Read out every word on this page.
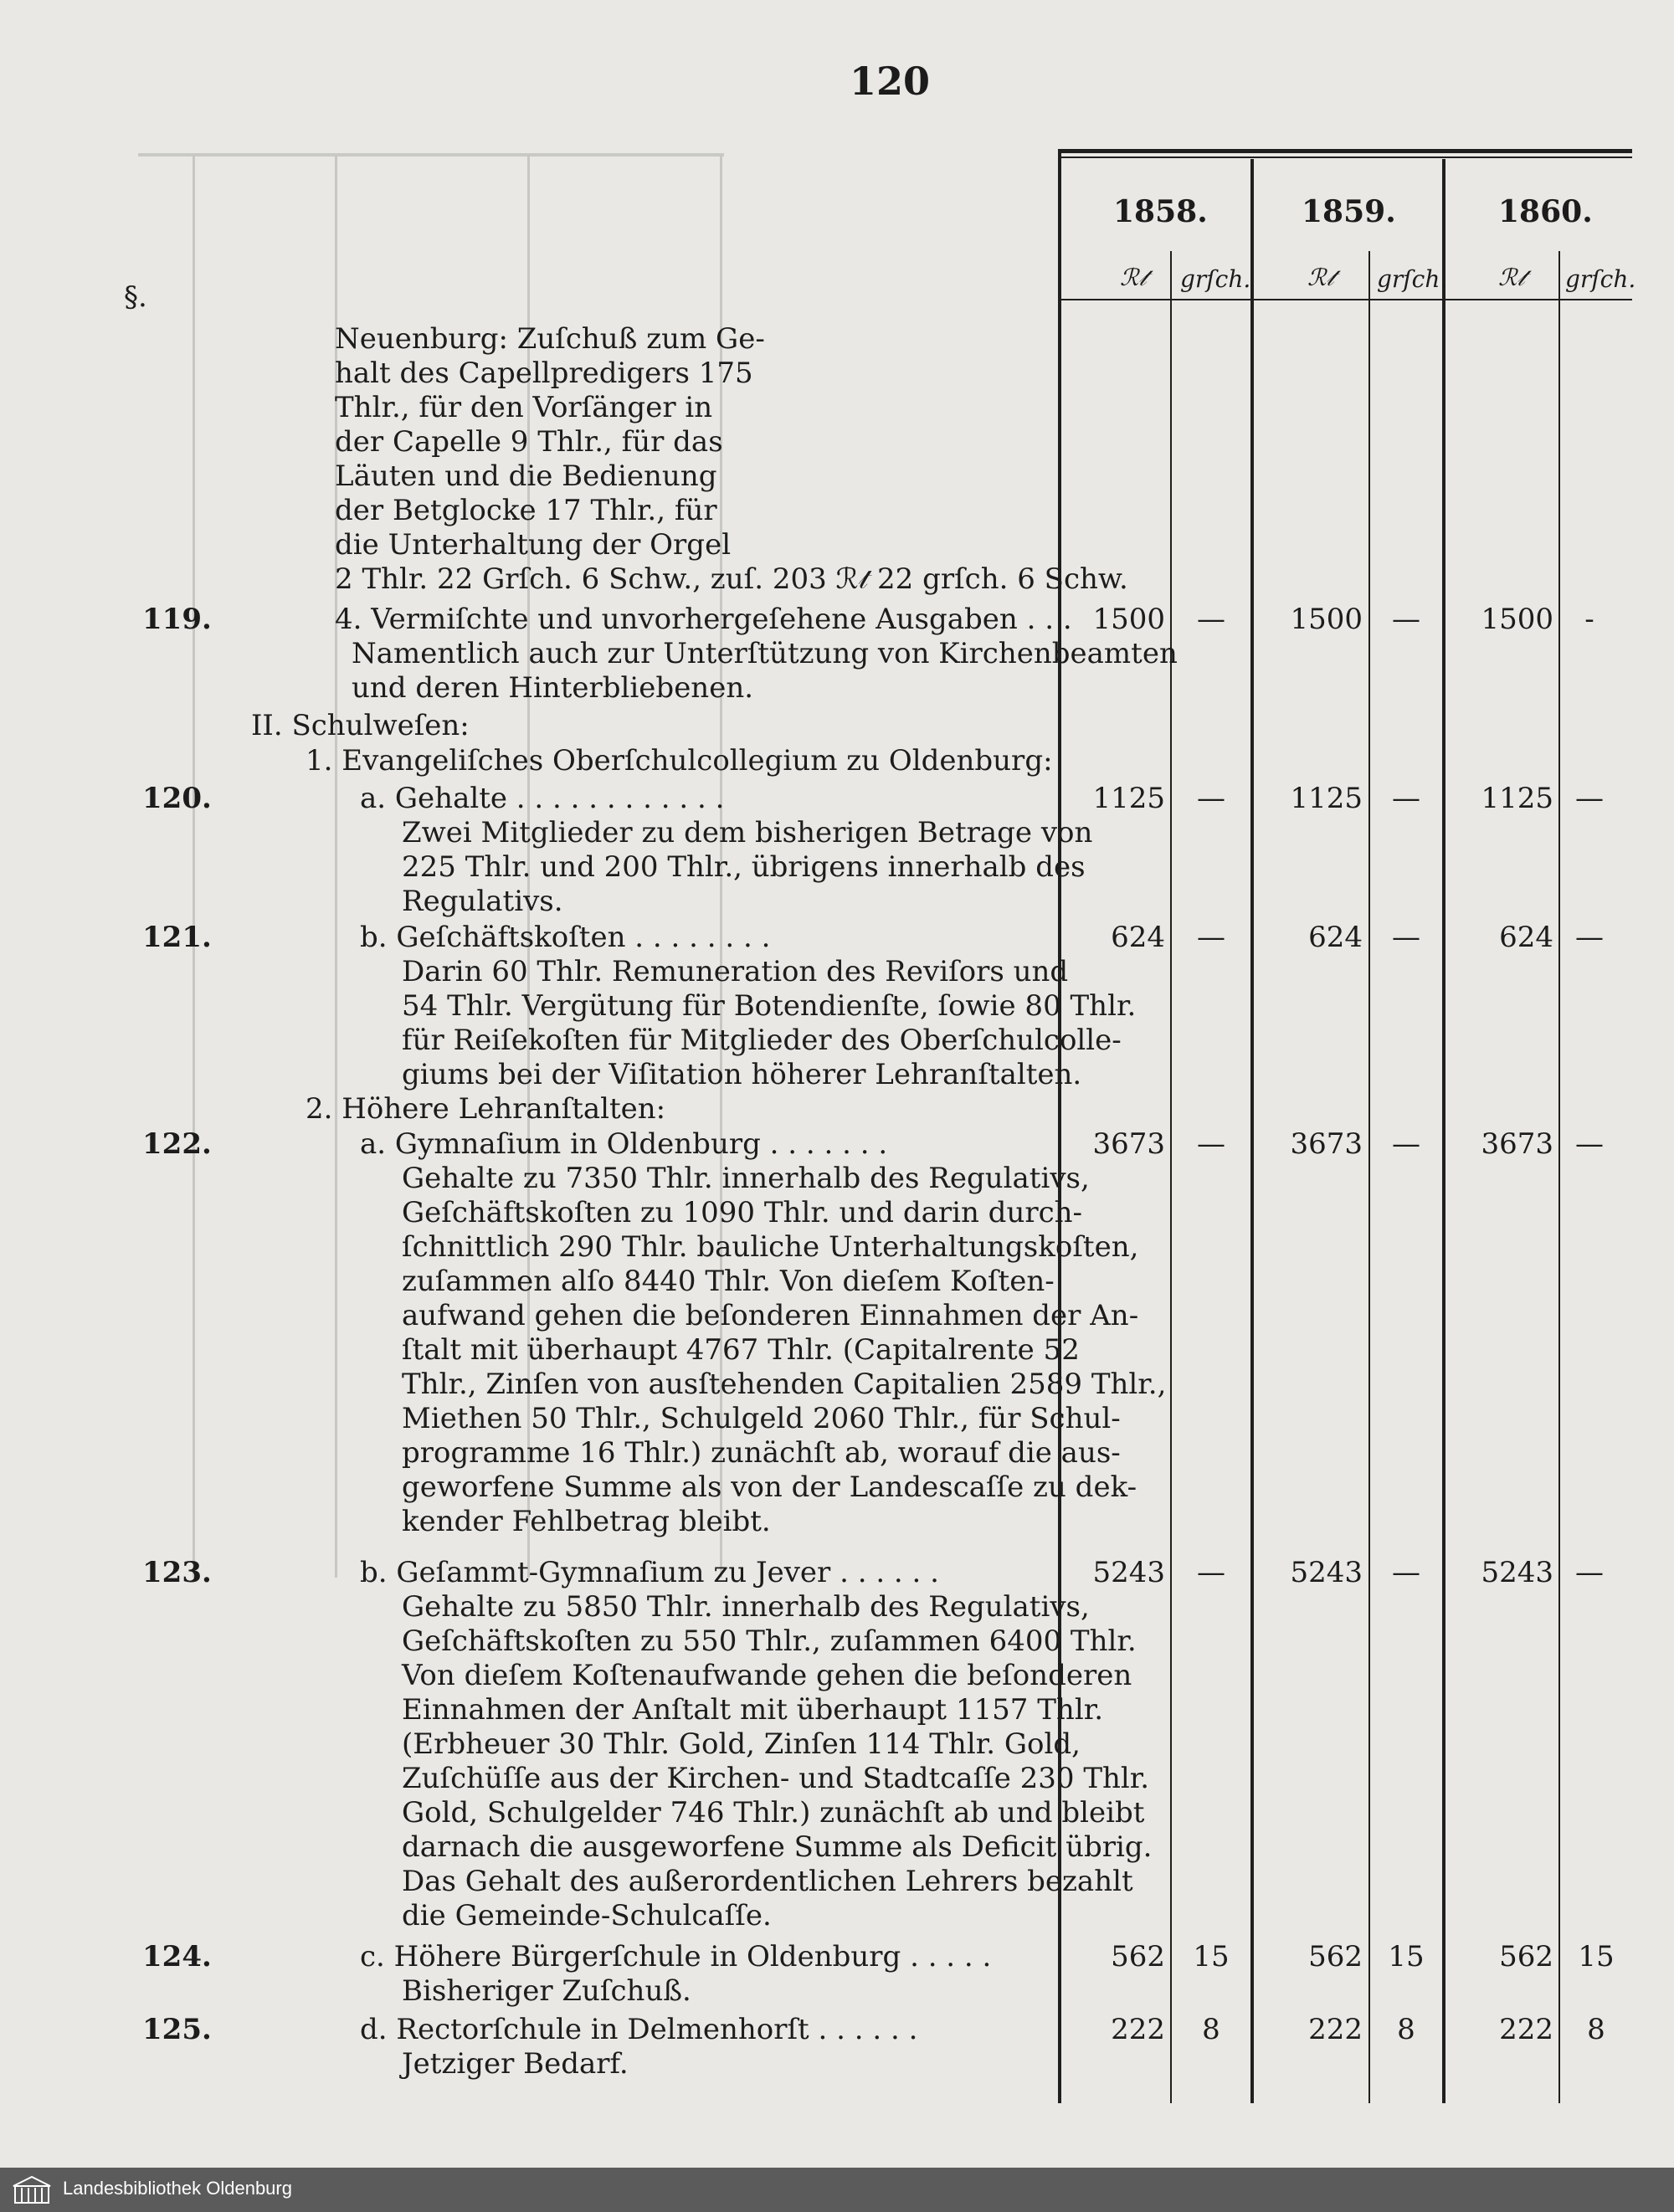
120
§.
1858.	1859.	1860.
ℛ𝓉 grſch. ℛ𝓉 grſch. ℛ𝓉 grſch.
Neuenburg: Zuſchuß zum Ge-
halt des Capellpredigers 175
Thlr., für den Vorſänger in
der Capelle 9 Thlr., für das
Läuten und die Bedienung
der Betglocke 17 Thlr., für
die Unterhaltung der Orgel
2 Thlr. 22 Grſch. 6 Schw., zuſ. 203 ℛ𝓉 22 grſch. 6 Schw.
119.	4. Vermiſchte und unvorhergeſehene Ausgaben . . .
Namentlich auch zur Unterſtützung von Kirchenbeamten
und deren Hinterbliebenen.
1500	—	1500	—	1500	-
II. Schulweſen:
1. Evangeliſches Oberſchulcollegium zu Oldenburg:
120.	a. Gehalte . . . . . . . . . . . .
Zwei Mitglieder zu dem bisherigen Betrage von
225 Thlr. und 200 Thlr., übrigens innerhalb des
Regulativs.
1125	—	1125	—	1125 —
121.	b. Geſchäftskoſten . . . . . . . .
Darin 60 Thlr. Remuneration des Reviſors und
54 Thlr. Vergütung für Botendienſte, ſowie 80 Thlr.
für Reiſekoſten für Mitglieder des Oberſchulcolle-
giums bei der Viſitation höherer Lehranſtalten.
624	—	624	—	624 —
2. Höhere Lehranſtalten:
122.	a. Gymnaſium in Oldenburg . . . . . . .
Gehalte zu 7350 Thlr. innerhalb des Regulativs,
Geſchäftskoſten zu 1090 Thlr. und darin durch-
ſchnittlich 290 Thlr. bauliche Unterhaltungskoſten,
zuſammen alſo 8440 Thlr. Von dieſem Koſten-
aufwand gehen die beſonderen Einnahmen der An-
ſtalt mit überhaupt 4767 Thlr. (Capitalrente 52
Thlr., Zinſen von ausſtehenden Capitalien 2589 Thlr.,
Miethen 50 Thlr., Schulgeld 2060 Thlr., für Schul-
programme 16 Thlr.) zunächſt ab, worauf die aus-
geworfene Summe als von der Landescaſſe zu dek-
kender Fehlbetrag bleibt.
3673	—	3673	—	3673 —
123.	b. Geſammt-Gymnaſium zu Jever . . . . . .
Gehalte zu 5850 Thlr. innerhalb des Regulativs,
Geſchäftskoſten zu 550 Thlr., zuſammen 6400 Thlr.
Von dieſem Koſtenaufwande gehen die beſonderen
Einnahmen der Anſtalt mit überhaupt 1157 Thlr.
(Erbheuer 30 Thlr. Gold, Zinſen 114 Thlr. Gold,
Zuſchüſſe aus der Kirchen- und Stadtcaſſe 230 Thlr.
Gold, Schulgelder 746 Thlr.) zunächſt ab und bleibt
darnach die ausgeworfene Summe als Deficit übrig.
Das Gehalt des außerordentlichen Lehrers bezahlt
die Gemeinde-Schulcaſſe.
5243	—	5243	—	5243 —
124.	c. Höhere Bürgerſchule in Oldenburg . . . . .
Bisheriger Zuſchuß.
562 15	562 15	562 15
125.	d. Rectorſchule in Delmenhorſt . . . . . .
Jetziger Bedarf.
222	8	222	8	222	8
Landesbibliothek Oldenburg
